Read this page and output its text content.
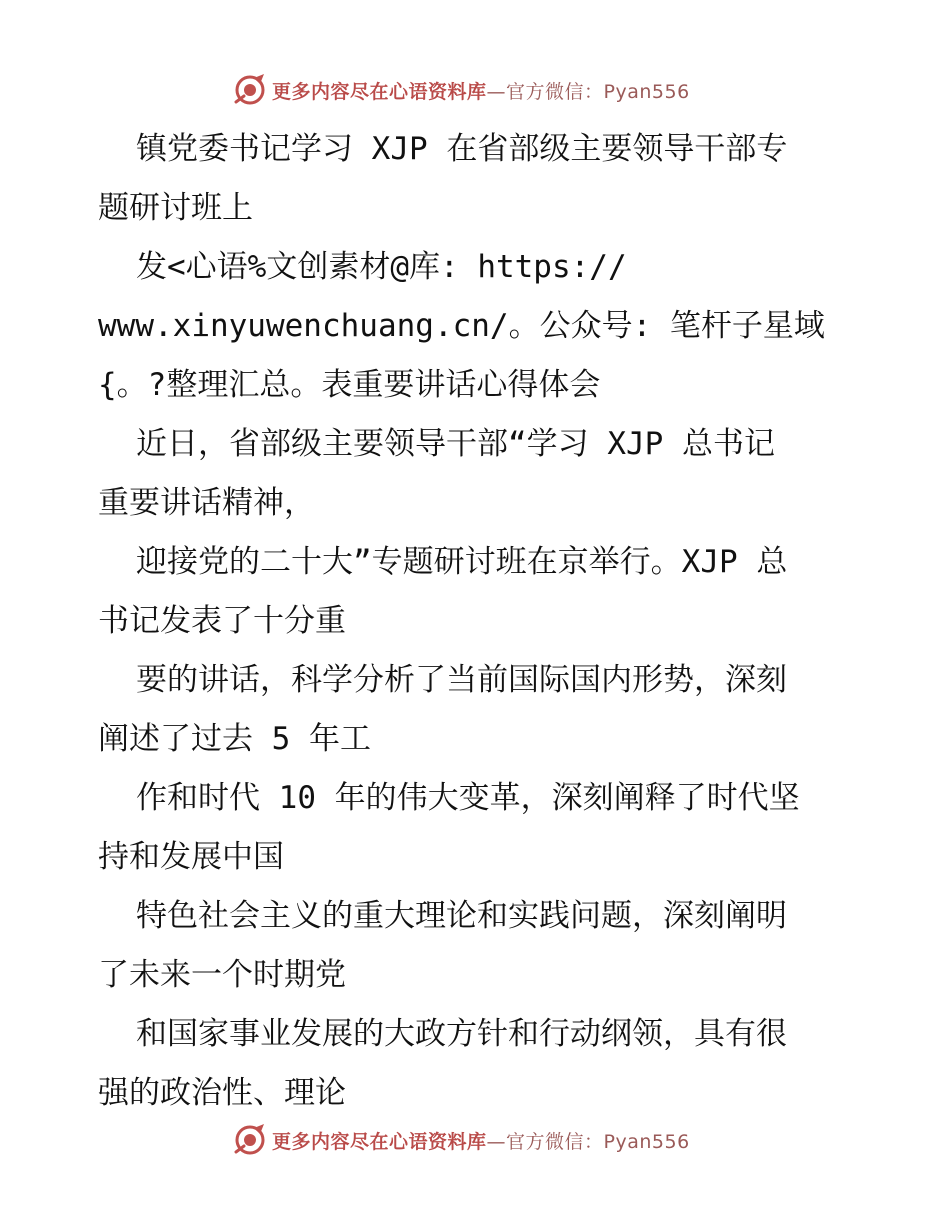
更多内容尽在心语资料库 —官方微信：Pyan556

镇党委书记学习 XJP 在省部级主要领导干部专
题研讨班上

发<心语%文创素材@库: https://
www.xinyuwenchuang.cn/。公众号: 笔杆子星域
{。?整理汇总。表重要讲话心得体会

近日，省部级主要领导干部“学习 XJP 总书记
重要讲话精神，

迎接党的二十大”专题研讨班在京举行。XJP 总
书记发表了十分重

要的讲话，科学分析了当前国际国内形势，深刻
阐述了过去 5 年工

作和时代 10 年的伟大变革，深刻阐释了时代坚
持和发展中国

特色社会主义的重大理论和实践问题，深刻阐明
了未来一个时期党

和国家事业发展的大政方针和行动纲领，具有很
强的政治性、理论

更多内容尽在心语资料库 —官方微信：Pyan556
